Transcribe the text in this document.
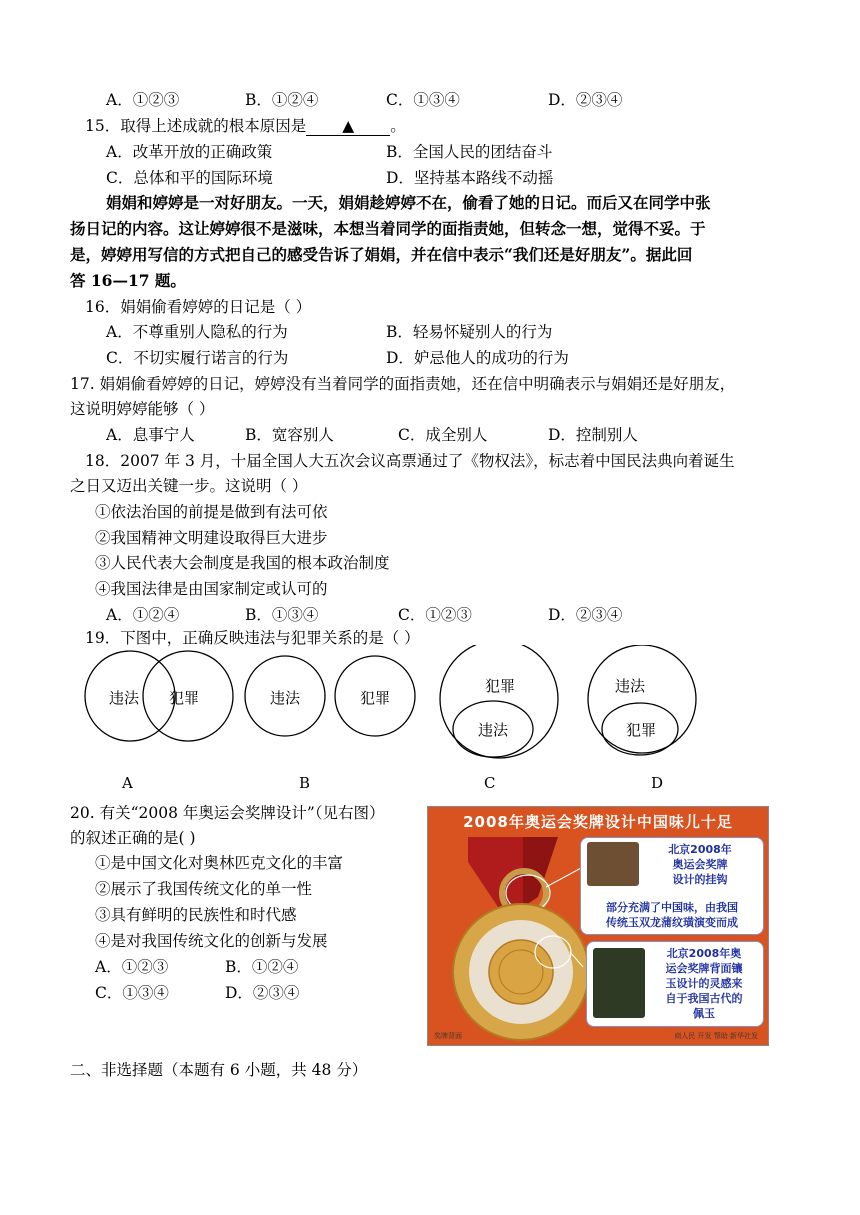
A．①②③	B．①②④	C．①③④	D．②③④
15．取得上述成就的根本原因是 ▲ 。
A．改革开放的正确政策	B．全国人民的团结奋斗
C．总体和平的国际环境	D．坚持基本路线不动摇
娟娟和婷婷是一对好朋友。一天，娟娟趁婷婷不在，偷看了她的日记。而后又在同学中张
扬日记的内容。这让婷婷很不是滋味，本想当着同学的面指责她，但转念一想，觉得不妥。于
是，婷婷用写信的方式把自己的感受告诉了娟娟，并在信中表示“我们还是好朋友”。据此回
答 16—17 题。
16．娟娟偷看婷婷的日记是（ ）
A．不尊重别人隐私的行为	B．轻易怀疑别人的行为
C．不切实履行诺言的行为	D．妒忌他人的成功的行为
17. 娟娟偷看婷婷的日记，婷婷没有当着同学的面指责她，还在信中明确表示与娟娟还是好朋友，
这说明婷婷能够（ ）
A．息事宁人	B．宽容别人	C．成全别人	D．控制别人
18．2007 年 3 月，十届全国人大五次会议高票通过了《物权法》，标志着中国民法典向着诞生
之日又迈出关键一步。这说明（ ）
①依法治国的前提是做到有法可依
②我国精神文明建设取得巨大进步
③人民代表大会制度是我国的根本政治制度
④我国法律是由国家制定或认可的
A．①②④	B．①③④	C．①②③	D．②③④
19．下图中，正确反映违法与犯罪关系的是（ ）
违法 犯罪	违法	犯罪
犯罪
违法
违法
犯罪
A	B	C	D
20. 有关“2008 年奥运会奖牌设计”（见右图）
的叙述正确的是( )
①是中国文化对奥林匹克文化的丰富
②展示了我国传统文化的单一性
③具有鲜明的民族性和时代感
④是对我国传统文化的创新与发展
A．①②③	B．①②④
C．①③④	D．②③④
2008年奥运会奖牌设计中国味儿十足
北京2008年
奥运会奖牌
设计的挂钩
部分充满了中国味，由我国
传统玉双龙蒲纹璜演变而成
北京2008年奥
运会奖牌背面镶
玉设计的灵感来
自于我国古代的
佩玉
奖牌背面	商人民 开发 帮助 新华社发
二、非选择题（本题有 6 小题，共 48 分）
